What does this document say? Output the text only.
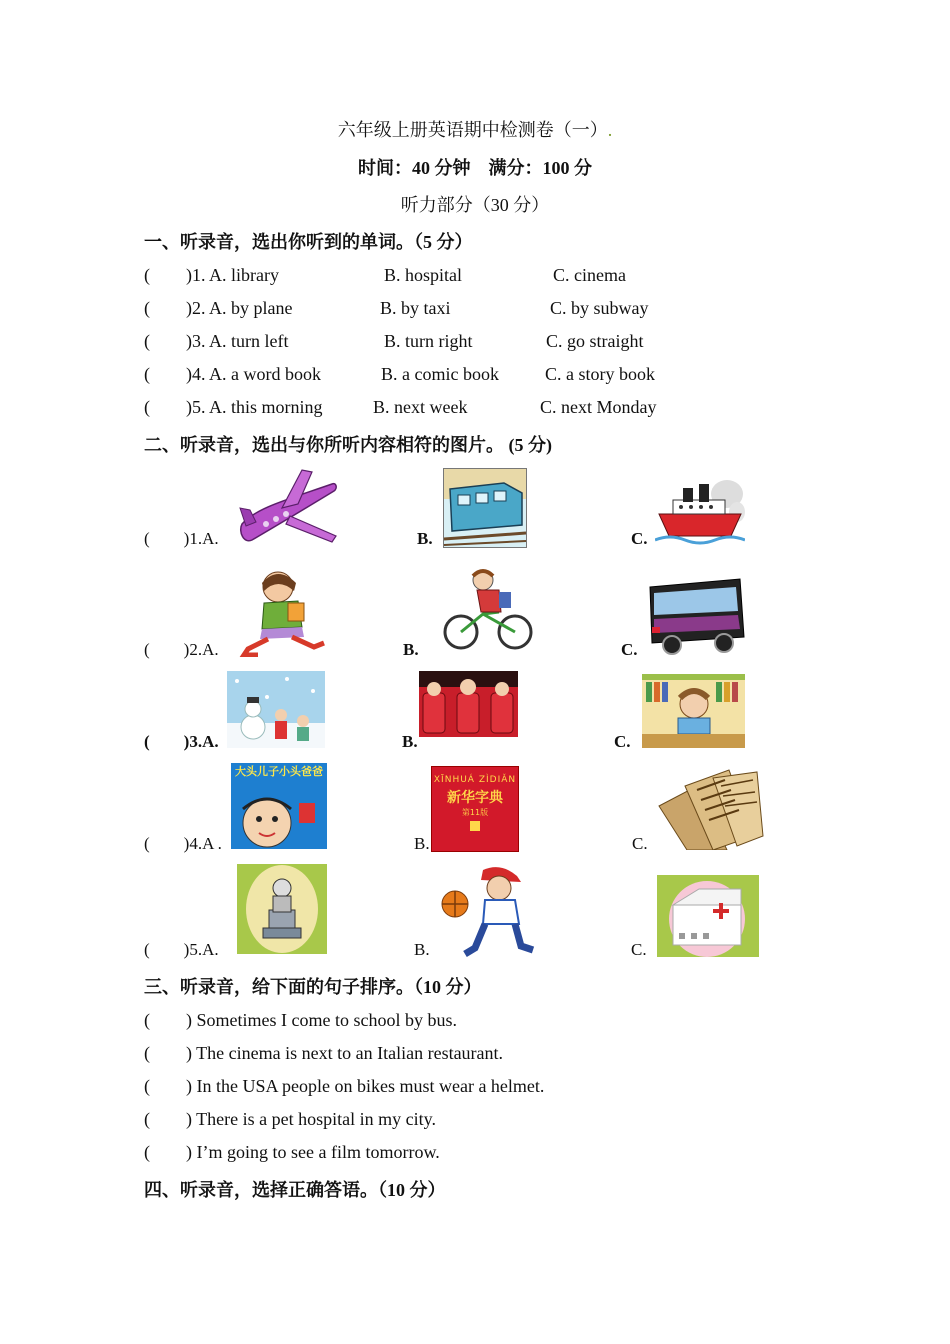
六年级上册英语期中检测卷（一）.
时间：40 分钟    满分：100 分
听力部分（30 分）
一、听录音，选出你听到的单词。（5 分）
(        )1. A. library	B. hospital	C. cinema
(        )2. A. by plane	B. by taxi	C. by subway
(        )3. A. turn left	B. turn right	C. go straight
(        )4. A. a word book	B. a comic book	C. a story book
(        )5. A. this morning	B. next week	C. next Monday
二、听录音，选出与你所听内容相符的图片。 (5 分)
(        )1.A.	B.	C.
(        )2.A.	B.	C.
(        )3.A.	B.	C.
(        )4.A .	B.	C.
大头儿子小头爸爸
XĪNHUÁ ZÌDIǍN
新华字典
第11版
(        )5.A.	B.	C.
三、听录音，给下面的句子排序。（10 分）
(        ) Sometimes I come to school by bus.
(        ) The cinema is next to an Italian restaurant.
(        ) In the USA people on bikes must wear a helmet.
(        ) There is a pet hospital in my city.
(        ) I’m going to see a film tomorrow.
四、听录音，选择正确答语。（10 分）
